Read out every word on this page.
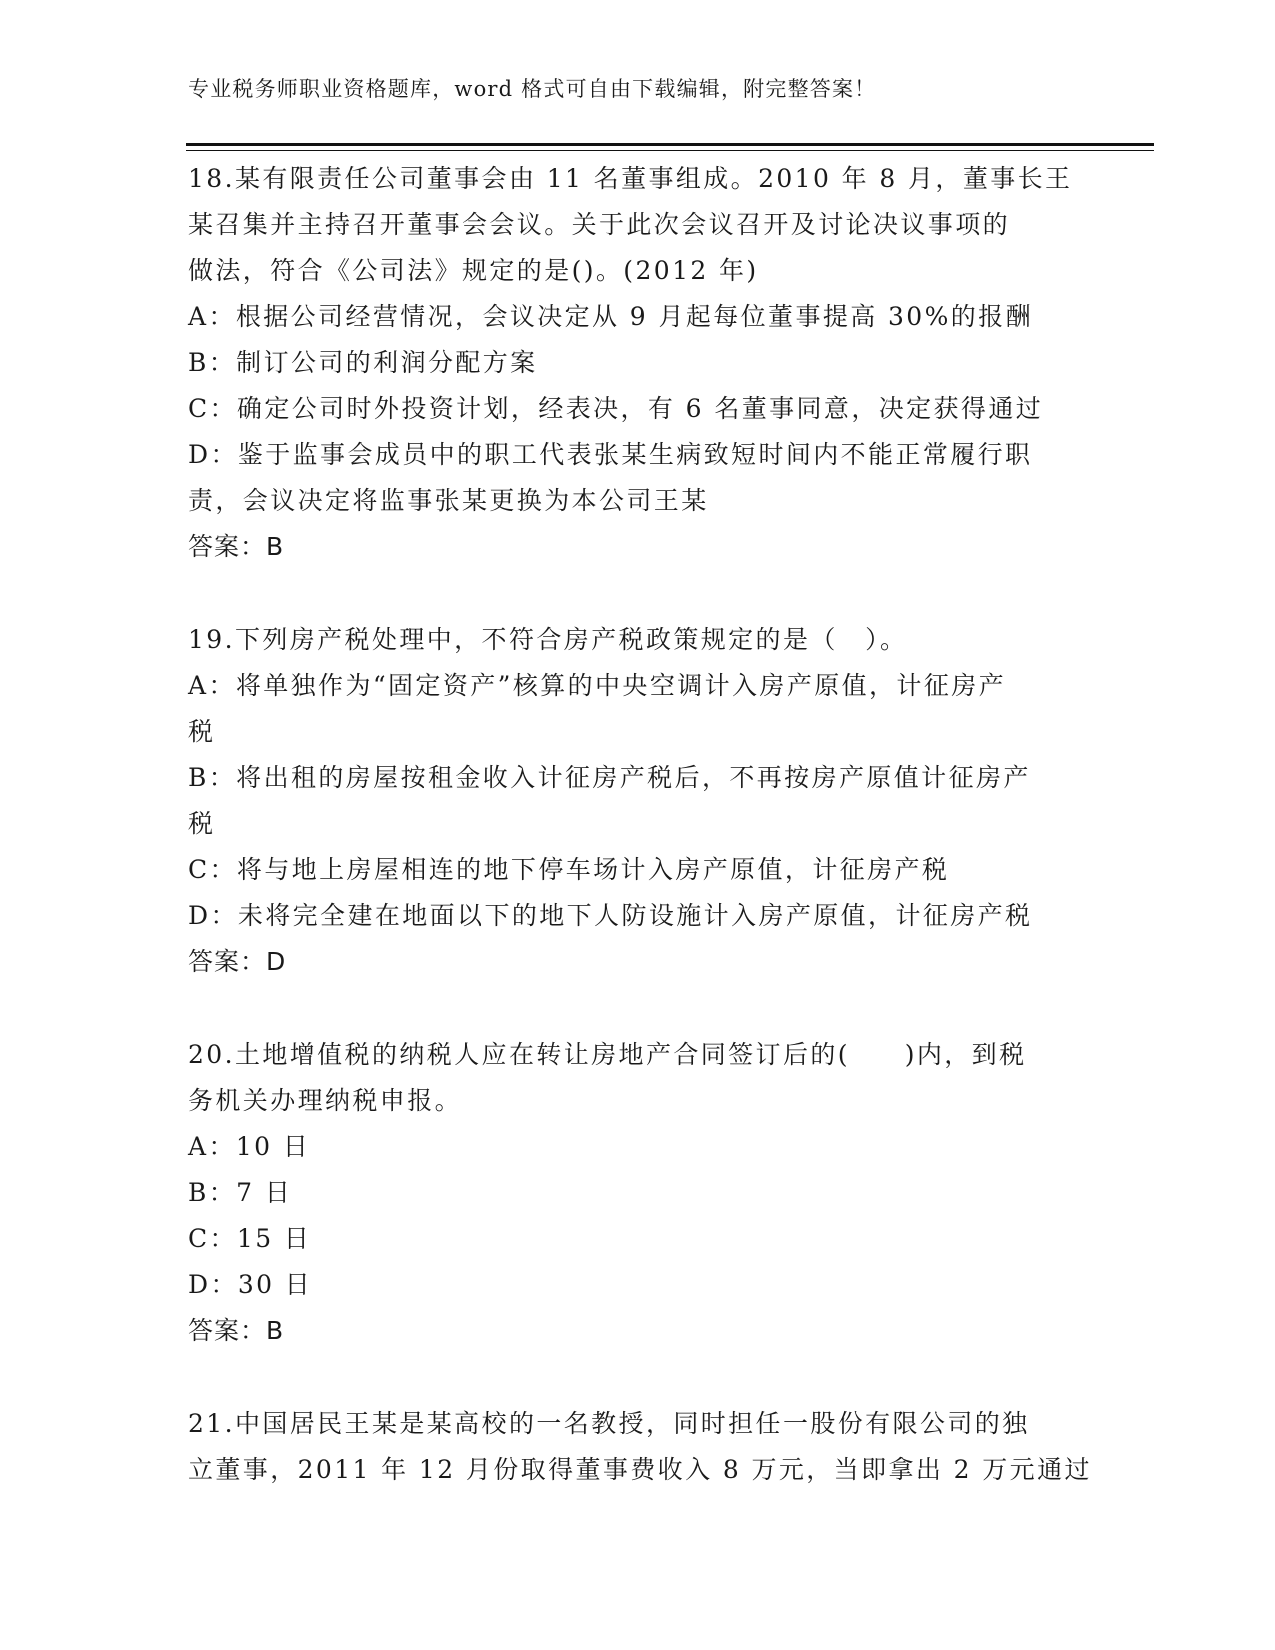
专业税务师职业资格题库，word 格式可自由下载编辑，附完整答案！
18.某有限责任公司董事会由 11 名董事组成。2010 年 8 月，董事长王
某召集并主持召开董事会会议。关于此次会议召开及讨论决议事项的
做法，符合《公司法》规定的是()。(2012 年)
A：根据公司经营情况，会议决定从 9 月起每位董事提高 30%的报酬
B：制订公司的利润分配方案
C：确定公司时外投资计划，经表决，有 6 名董事同意，决定获得通过
D：鉴于监事会成员中的职工代表张某生病致短时间内不能正常履行职
责，会议决定将监事张某更换为本公司王某
答案：B
19.下列房产税处理中，不符合房产税政策规定的是（　）。
A：将单独作为“固定资产”核算的中央空调计入房产原值，计征房产
税
B：将出租的房屋按租金收入计征房产税后，不再按房产原值计征房产
税
C：将与地上房屋相连的地下停车场计入房产原值，计征房产税
D：未将完全建在地面以下的地下人防设施计入房产原值，计征房产税
答案：D
20.土地增值税的纳税人应在转让房地产合同签订后的(　　)内，到税
务机关办理纳税申报。
A：10 日
B：7 日
C：15 日
D：30 日
答案：B
21.中国居民王某是某高校的一名教授，同时担任一股份有限公司的独
立董事，2011 年 12 月份取得董事费收入 8 万元，当即拿出 2 万元通过
